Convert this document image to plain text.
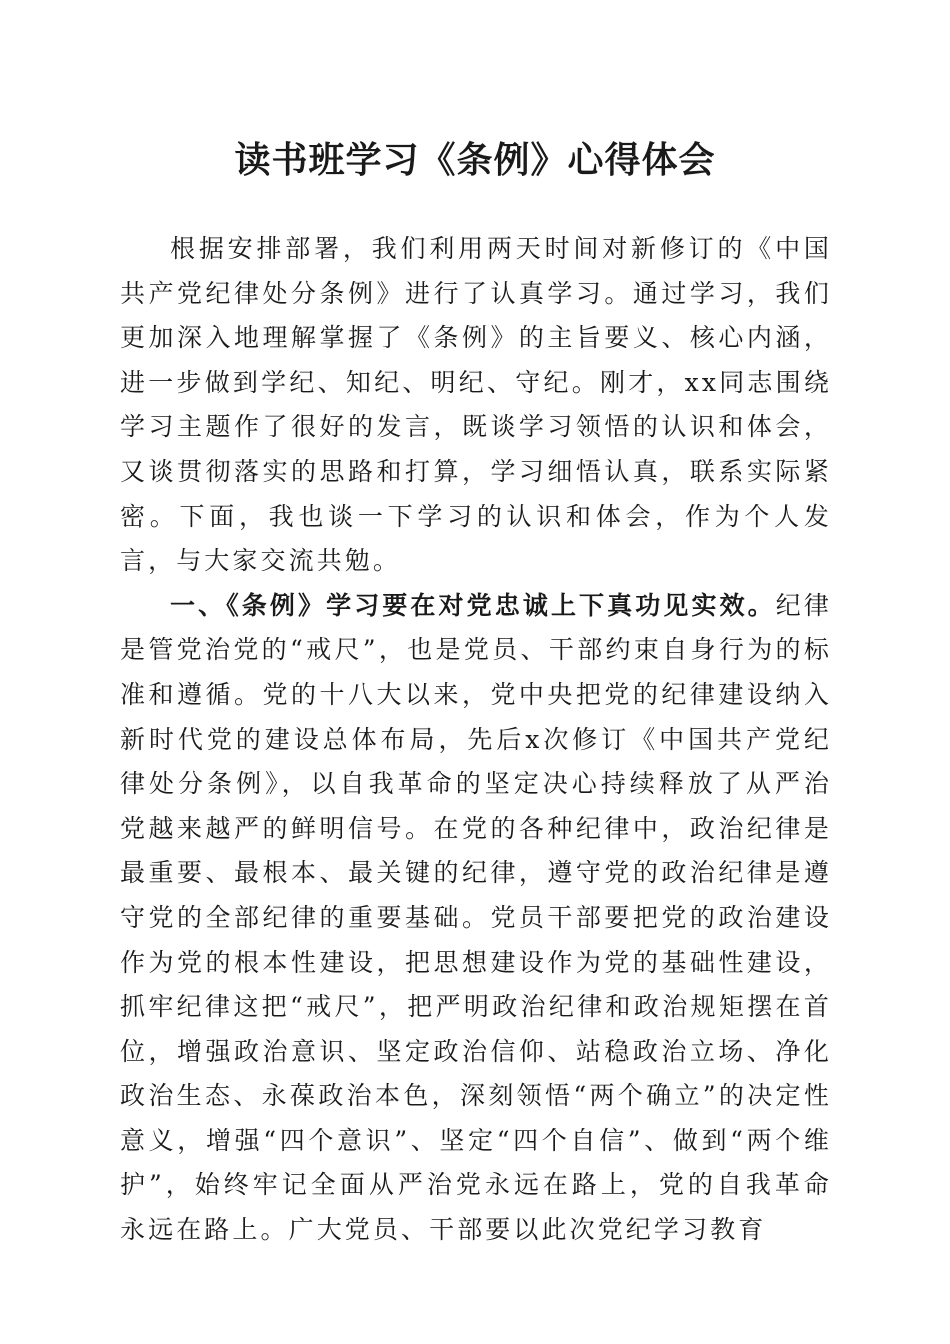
读书班学习《条例》心得体会

根据安排部署，我们利用两天时间对新修订的《中国共产党纪律处分条例》进行了认真学习。通过学习，我们更加深入地理解掌握了《条例》的主旨要义、核心内涵，进一步做到学纪、知纪、明纪、守纪。刚才，xx同志围绕学习主题作了很好的发言，既谈学习领悟的认识和体会，又谈贯彻落实的思路和打算，学习细悟认真，联系实际紧密。下面，我也谈一下学习的认识和体会，作为个人发言，与大家交流共勉。

一、《条例》学习要在对党忠诚上下真功见实效。纪律是管党治党的“戒尺”，也是党员、干部约束自身行为的标准和遵循。党的十八大以来，党中央把党的纪律建设纳入新时代党的建设总体布局，先后x次修订《中国共产党纪律处分条例》，以自我革命的坚定决心持续释放了从严治党越来越严的鲜明信号。在党的各种纪律中，政治纪律是最重要、最根本、最关键的纪律，遵守党的政治纪律是遵守党的全部纪律的重要基础。党员干部要把党的政治建设作为党的根本性建设，把思想建设作为党的基础性建设，抓牢纪律这把“戒尺”，把严明政治纪律和政治规矩摆在首位，增强政治意识、坚定政治信仰、站稳政治立场、净化政治生态、永葆政治本色，深刻领悟“两个确立”的决定性意义，增强“四个意识”、坚定“四个自信”、做到“两个维护”，始终牢记全面从严治党永远在路上，党的自我革命永远在路上。广大党员、干部要以此次党纪学习教育
